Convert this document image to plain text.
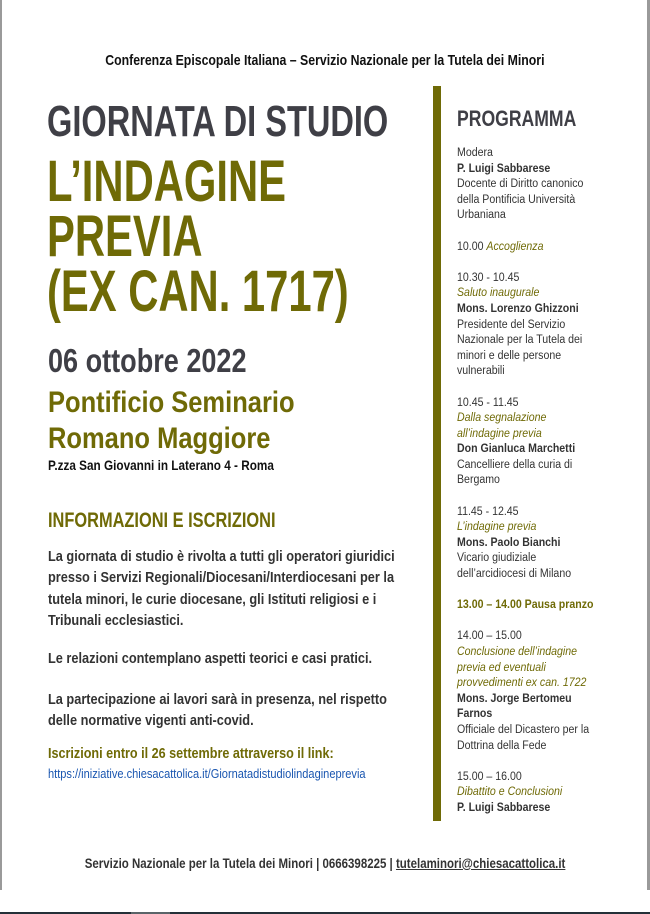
Conferenza Episcopale Italiana – Servizio Nazionale per la Tutela dei Minori
GIORNATA DI STUDIO
L’INDAGINE
PREVIA
(EX CAN. 1717)
06 ottobre 2022
Pontificio Seminario
Romano Maggiore
P.zza San Giovanni in Laterano 4 - Roma
INFORMAZIONI E ISCRIZIONI
La giornata di studio è rivolta a tutti gli operatori giuridici
presso i Servizi Regionali/Diocesani/Interdiocesani per la
tutela minori, le curie diocesane, gli Istituti religiosi e i
Tribunali ecclesiastici.
Le relazioni contemplano aspetti teorici e casi pratici.
La partecipazione ai lavori sarà in presenza, nel rispetto
delle normative vigenti anti-covid.
Iscrizioni entro il 26 settembre attraverso il link:
https://iniziative.chiesacattolica.it/Giornatadistudiolindagineprevia
PROGRAMMA
Modera
P. Luigi Sabbarese
Docente di Diritto canonico
della Pontificia Università
Urbaniana
10.00 Accoglienza
10.30 - 10.45
Saluto inaugurale
Mons. Lorenzo Ghizzoni
Presidente del Servizio
Nazionale per la Tutela dei
minori e delle persone
vulnerabili
10.45 - 11.45
Dalla segnalazione
all’indagine previa
Don Gianluca Marchetti
Cancelliere della curia di
Bergamo
11.45 - 12.45
L’indagine previa
Mons. Paolo Bianchi
Vicario giudiziale
dell’arcidiocesi di Milano
13.00 – 14.00 Pausa pranzo
14.00 – 15.00
Conclusione dell’indagine
previa ed eventuali
provvedimenti ex can. 1722
Mons. Jorge Bertomeu
Farnos
Officiale del Dicastero per la
Dottrina della Fede
15.00 – 16.00
Dibattito e Conclusioni
P. Luigi Sabbarese
Servizio Nazionale per la Tutela dei Minori | 0666398225 | tutelaminori@chiesacattolica.it
